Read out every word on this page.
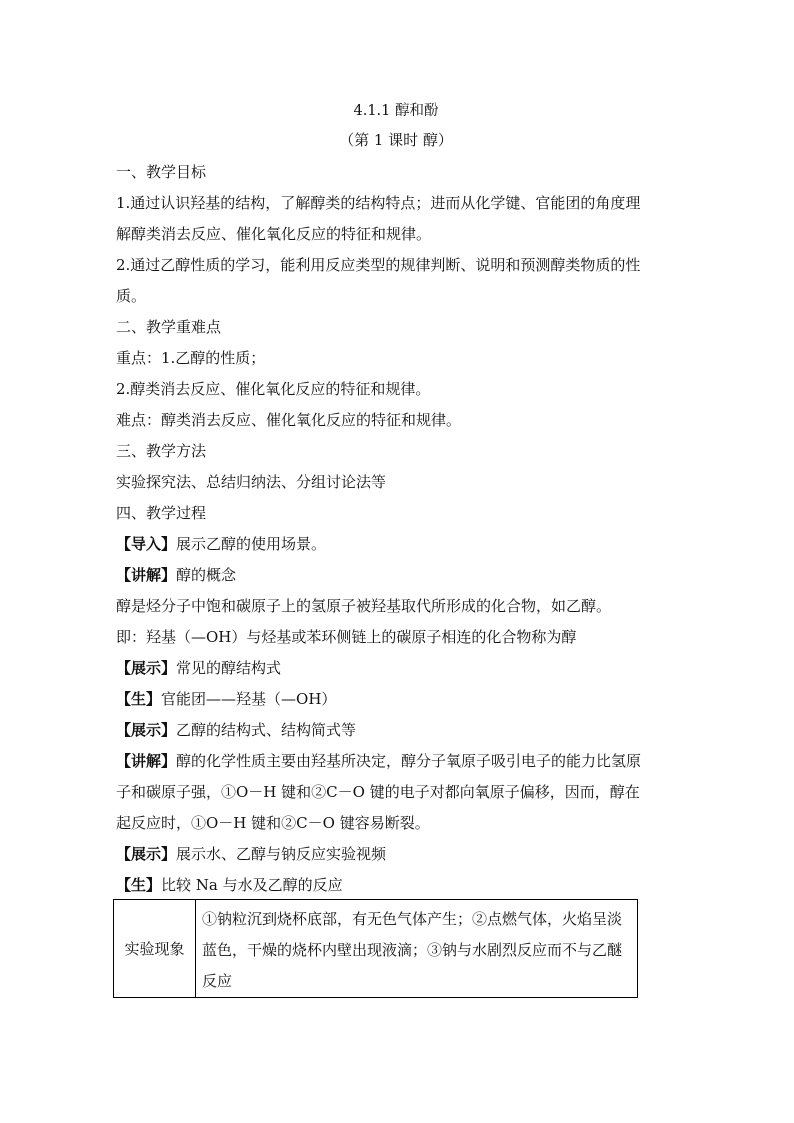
4.1.1 醇和酚
（第 1 课时 醇）
一、教学目标
1.通过认识羟基的结构，了解醇类的结构特点；进而从化学键、官能团的角度理
解醇类消去反应、催化氧化反应的特征和规律。
2.通过乙醇性质的学习，能利用反应类型的规律判断、说明和预测醇类物质的性
质。
二、教学重难点
重点：1.乙醇的性质；
2.醇类消去反应、催化氧化反应的特征和规律。
难点：醇类消去反应、催化氧化反应的特征和规律。
三、教学方法
实验探究法、总结归纳法、分组讨论法等
四、教学过程
【导入】展示乙醇的使用场景。
【讲解】醇的概念
醇是烃分子中饱和碳原子上的氢原子被羟基取代所形成的化合物，如乙醇。
即：羟基（—OH）与烃基或苯环侧链上的碳原子相连的化合物称为醇
【展示】常见的醇结构式
【生】官能团——羟基（—OH）
【展示】乙醇的结构式、结构简式等
【讲解】醇的化学性质主要由羟基所决定，醇分子氧原子吸引电子的能力比氢原
子和碳原子强，①O－H 键和②C－O 键的电子对都向氧原子偏移，因而，醇在
起反应时，①O－H 键和②C－O 键容易断裂。
【展示】展示水、乙醇与钠反应实验视频
【生】比较 Na 与水及乙醇的反应
实验现象
①钠粒沉到烧杯底部，有无色气体产生；②点燃气体，火焰呈淡蓝色，干燥的烧杯内壁出现液滴；③钠与水剧烈反应而不与乙醚反应
